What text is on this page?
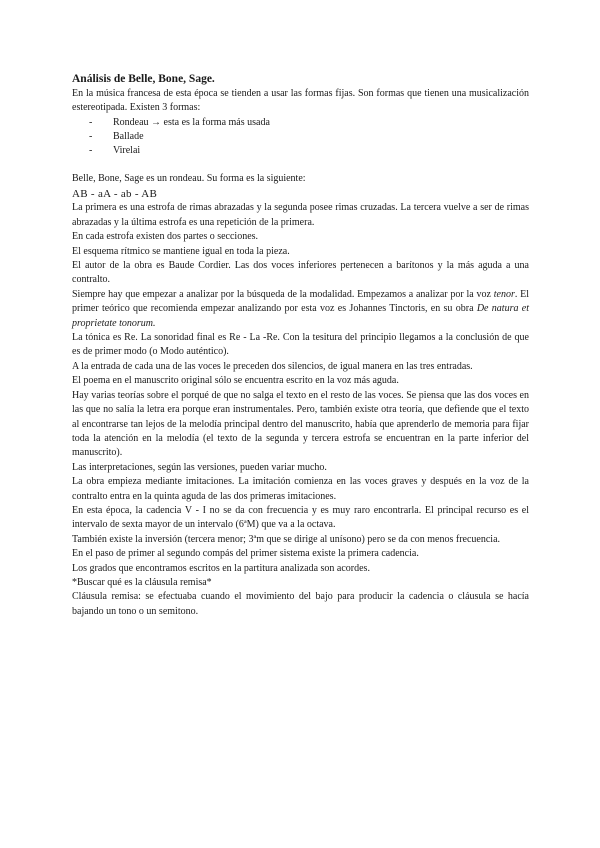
Análisis de Belle, Bone, Sage.

En la música francesa de esta época se tienden a usar las formas fijas. Son formas que tienen una musicalización estereotipada. Existen 3 formas:

- Rondeau → esta es la forma más usada
- Ballade
- Virelai

Belle, Bone, Sage es un rondeau. Su forma es la siguiente:

AB - aA - ab - AB

La primera es una estrofa de rimas abrazadas y la segunda posee rimas cruzadas. La tercera vuelve a ser de rimas abrazadas y la última estrofa es una repetición de la primera.

En cada estrofa existen dos partes o secciones.

El esquema rítmico se mantiene igual en toda la pieza.

El autor de la obra es Baude Cordier. Las dos voces inferiores pertenecen a barítonos y la más aguda a una contralto.

Siempre hay que empezar a analizar por la búsqueda de la modalidad. Empezamos a analizar por la voz tenor. El primer teórico que recomienda empezar analizando por esta voz es Johannes Tinctoris, en su obra De natura et proprietate tonorum.

La tónica es Re. La sonoridad final es Re - La -Re. Con la tesitura del principio llegamos a la conclusión de que es de primer modo (o Modo auténtico).

A la entrada de cada una de las voces le preceden dos silencios, de igual manera en las tres entradas.

El poema en el manuscrito original sólo se encuentra escrito en la voz más aguda.

Hay varias teorías sobre el porqué de que no salga el texto en el resto de las voces. Se piensa que las dos voces en las que no salía la letra era porque eran instrumentales. Pero, también existe otra teoría, que defiende que el texto al encontrarse tan lejos de la melodía principal dentro del manuscrito, había que aprenderlo de memoria para fijar toda la atención en la melodía (el texto de la segunda y tercera estrofa se encuentran en la parte inferior del manuscrito).

Las interpretaciones, según las versiones, pueden variar mucho.

La obra empieza mediante imitaciones. La imitación comienza en las voces graves y después en la voz de la contralto entra en la quinta aguda de las dos primeras imitaciones.

En esta época, la cadencia V - I no se da con frecuencia y es muy raro encontrarla. El principal recurso es el intervalo de sexta mayor de un intervalo (6ªM) que va a la octava.

También existe la inversión (tercera menor; 3ªm que se dirige al unísono) pero se da con menos frecuencia.

En el paso de primer al segundo compás del primer sistema existe la primera cadencia.

Los grados que encontramos escritos en la partitura analizada son acordes.

*Buscar qué es la cláusula remisa*

Cláusula remisa: se efectuaba cuando el movimiento del bajo para producir la cadencia o cláusula se hacía bajando un tono o un semitono.
